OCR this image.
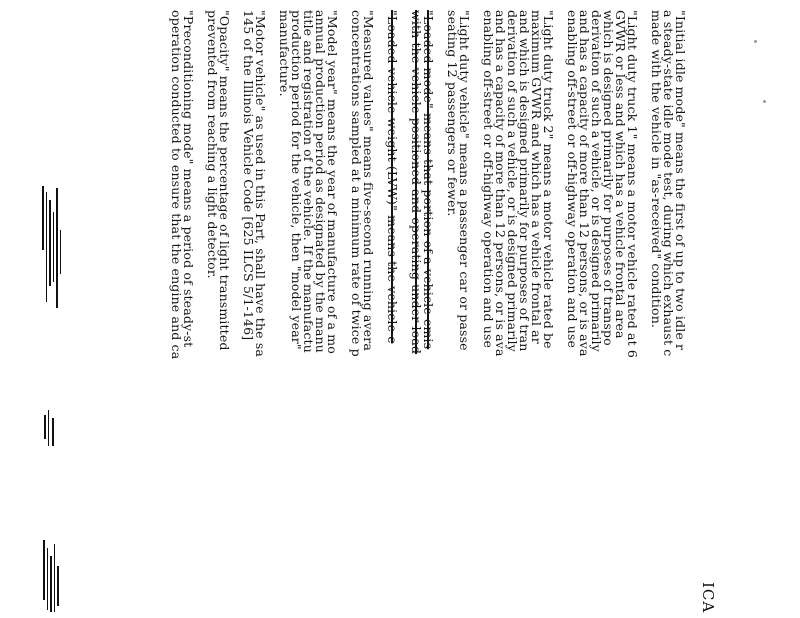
ICA
"Initial idle mode" means the first of up to two idle r
a steady-state idle mode test, during which exhaust c
made with the vehicle in "as-received" condition.
"Light duty truck 1" means a motor vehicle rated at 6
GVWR or less and which has a vehicle frontal area
which is designed primarily for purposes of transpo
derivation of such a vehicle, or is designed primarily
and has a capacity of more than 12 persons, or is ava
enabling off-street or off-highway operation and use
"Light duty truck 2" means a motor vehicle rated be
maximum GVWR and which has a vehicle frontal ar
and which is designed primarily for purposes of tran
derivation of such a vehicle, or is designed primarily
and has a capacity of more than 12 persons, or is ava
enabling off-street or off-highway operation and use
"Light duty vehicle" means a passenger car or passe
seating 12 passengers or fewer.
"Loaded mode" means that portion of a vehicle emis
with the vehicle positioned and operating under load
"Loaded vehicle weight (LVW)" means the vehicle c
"Measured values" means five-second running avera
concentrations sampled at a minimum rate of twice p
"Model year" means the year of manufacture of a mo
annual production period as designated by the manu
title and registration of the vehicle. If the manufactu
production period for the vehicle, then "model year"
manufacture.
"Motor vehicle" as used in this Part, shall have the sa
145 of the Illinois Vehicle Code [625 ILCS 5/1-146]
"Opacity" means the percentage of light transmitted
prevented from reaching a light detector.
"Preconditioning mode" means a period of steady-st
operation conducted to ensure that the engine and ca
